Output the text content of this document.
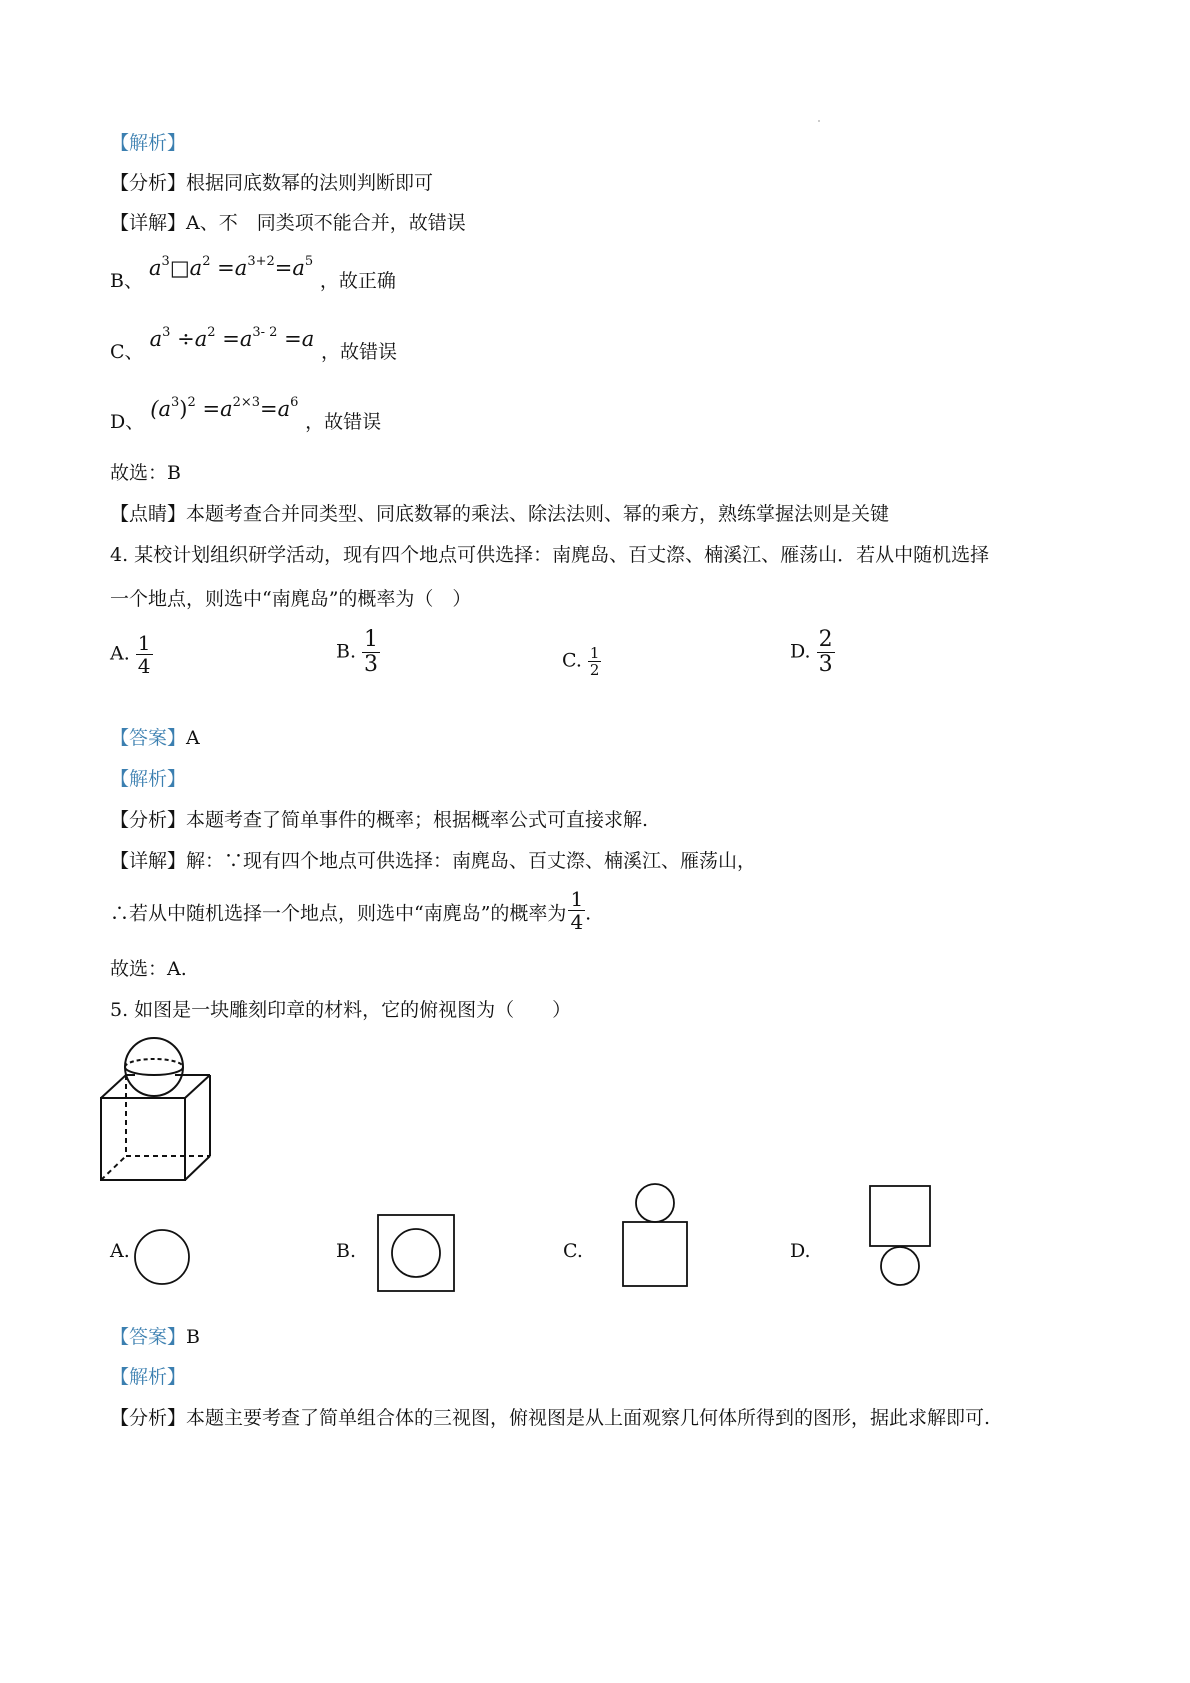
【解析】
【分析】根据同底数幂的法则判断即可
【详解】A、不　同类项不能合并，故错误
B、 $a^3□a^2 =a^{3+2}=a^5$ ，故正确
C、 $a^3 \div a^2 =a^{3- 2} =a$ ，故错误
D、 $(a^3)^2 =a^{2\times 3}=a^6$ ，故错误
故选：B
【点睛】本题考查合并同类型、同底数幂的乘法、除法法则、幂的乘方，熟练掌握法则是关键
4. 某校计划组织研学活动，现有四个地点可供选择：南麂岛、百丈漈、楠溪江、雁荡山．若从中随机选择
一个地点，则选中“南麂岛”的概率为（　）
A. $\frac{1}{4}$	B. $\frac{1}{3}$	C. $\frac{1}{2}$	D. $\frac{2}{3}$
【答案】A
【解析】
【分析】本题考查了简单事件的概率；根据概率公式可直接求解.
【详解】解：∵现有四个地点可供选择：南麂岛、百丈漈、楠溪江、雁荡山，
∴若从中随机选择一个地点，则选中“南麂岛”的概率为 $\frac{1}{4}$ .
故选：A.
5. 如图是一块雕刻印章的材料，它的俯视图为（　　）
A.	B.	C.	D.
【答案】B
【解析】
【分析】本题主要考查了简单组合体的三视图，俯视图是从上面观察几何体所得到的图形，据此求解即可.
